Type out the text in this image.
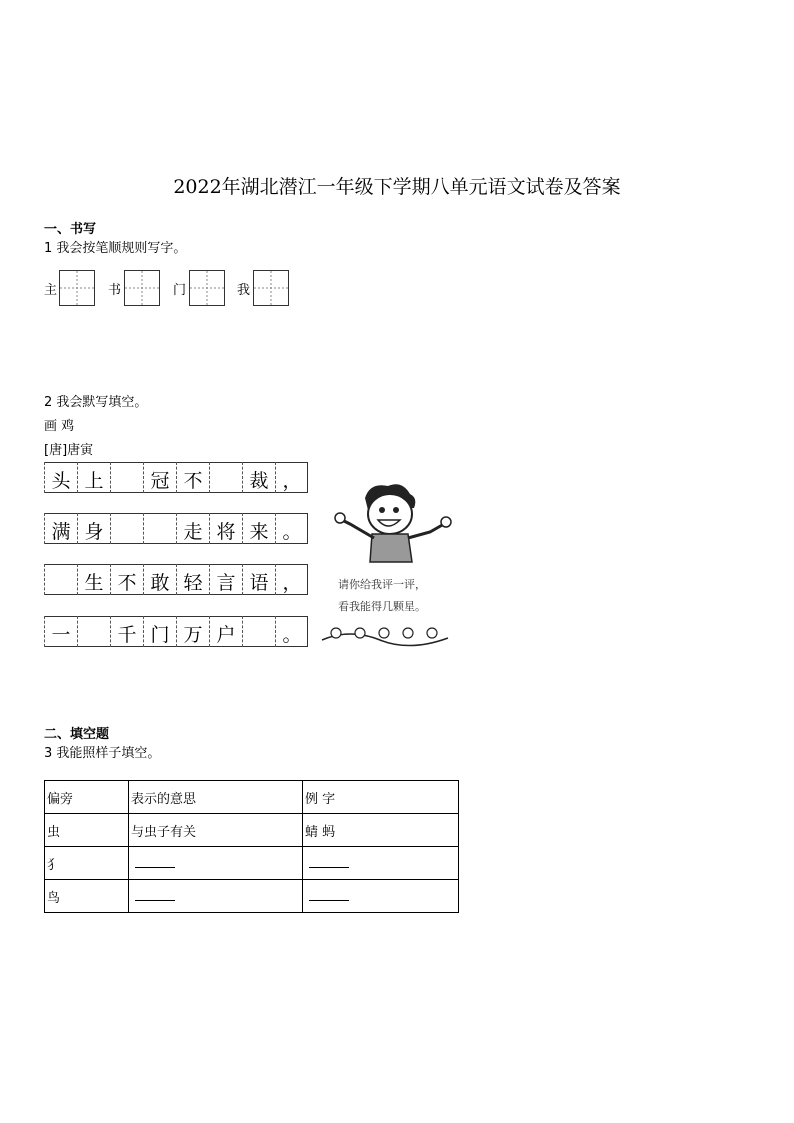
2022年湖北潜江一年级下学期八单元语文试卷及答案
一、书写
1 我会按笔顺规则写字。
主	书	门	我
2 我会默写填空。
画 鸡
[唐]唐寅
头 上	冠 不	裁 ，
满 身	走 将 来 。
生 不 敢 轻 言 语 ，
一	千 门 万 户	。
请你给我评一评，
看我能得几颗星。
二、填空题
3 我能照样子填空。
偏旁	表示的意思	例 字
虫	与虫子有关	蜻 蚂
犭		
鸟		
